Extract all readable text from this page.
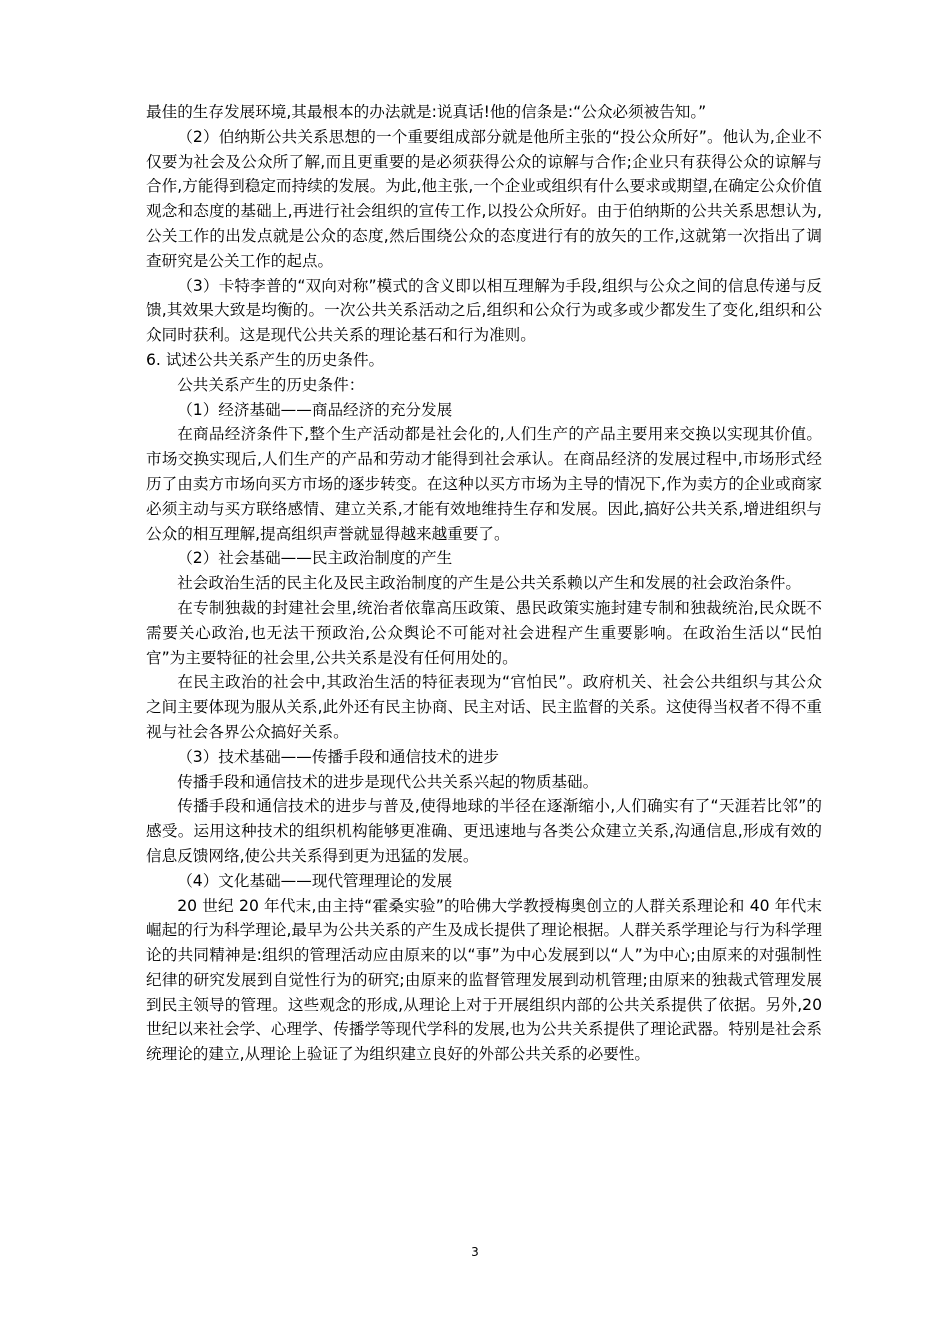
最佳的生存发展环境,其最根本的办法就是:说真话!他的信条是:“公众必须被告知。”

（2）伯纳斯公共关系思想的一个重要组成部分就是他所主张的“投公众所好”。他认为,企业不仅要为社会及公众所了解,而且更重要的是必须获得公众的谅解与合作;企业只有获得公众的谅解与合作,方能得到稳定而持续的发展。为此,他主张,一个企业或组织有什么要求或期望,在确定公众价值观念和态度的基础上,再进行社会组织的宣传工作,以投公众所好。由于伯纳斯的公共关系思想认为,公关工作的出发点就是公众的态度,然后围绕公众的态度进行有的放矢的工作,这就第一次指出了调查研究是公关工作的起点。

（3）卡特李普的“双向对称”模式的含义即以相互理解为手段,组织与公众之间的信息传递与反馈,其效果大致是均衡的。一次公共关系活动之后,组织和公众行为或多或少都发生了变化,组织和公众同时获利。这是现代公共关系的理论基石和行为准则。

6. 试述公共关系产生的历史条件。

公共关系产生的历史条件：

（1）经济基础——商品经济的充分发展

在商品经济条件下,整个生产活动都是社会化的,人们生产的产品主要用来交换以实现其价值。市场交换实现后,人们生产的产品和劳动才能得到社会承认。在商品经济的发展过程中,市场形式经历了由卖方市场向买方市场的逐步转变。在这种以买方市场为主导的情况下,作为卖方的企业或商家必须主动与买方联络感情、建立关系,才能有效地维持生存和发展。因此,搞好公共关系,增进组织与公众的相互理解,提高组织声誉就显得越来越重要了。

（2）社会基础——民主政治制度的产生

社会政治生活的民主化及民主政治制度的产生是公共关系赖以产生和发展的社会政治条件。

在专制独裁的封建社会里,统治者依靠高压政策、愚民政策实施封建专制和独裁统治,民众既不需要关心政治,也无法干预政治,公众舆论不可能对社会进程产生重要影响。在政治生活以“民怕官”为主要特征的社会里,公共关系是没有任何用处的。

在民主政治的社会中,其政治生活的特征表现为“官怕民”。政府机关、社会公共组织与其公众之间主要体现为服从关系,此外还有民主协商、民主对话、民主监督的关系。这使得当权者不得不重视与社会各界公众搞好关系。

（3）技术基础——传播手段和通信技术的进步

传播手段和通信技术的进步是现代公共关系兴起的物质基础。

传播手段和通信技术的进步与普及,使得地球的半径在逐渐缩小,人们确实有了“天涯若比邻”的感受。运用这种技术的组织机构能够更准确、更迅速地与各类公众建立关系,沟通信息,形成有效的信息反馈网络,使公共关系得到更为迅猛的发展。

（4）文化基础——现代管理理论的发展

20 世纪 20 年代末,由主持“霍桑实验”的哈佛大学教授梅奥创立的人群关系理论和 40 年代末崛起的行为科学理论,最早为公共关系的产生及成长提供了理论根据。人群关系学理论与行为科学理论的共同精神是:组织的管理活动应由原来的以“事”为中心发展到以“人”为中心;由原来的对强制性纪律的研究发展到自觉性行为的研究;由原来的监督管理发展到动机管理;由原来的独裁式管理发展到民主领导的管理。这些观念的形成,从理论上对于开展组织内部的公共关系提供了依据。另外,20 世纪以来社会学、心理学、传播学等现代学科的发展,也为公共关系提供了理论武器。特别是社会系统理论的建立,从理论上验证了为组织建立良好的外部公共关系的必要性。

3
